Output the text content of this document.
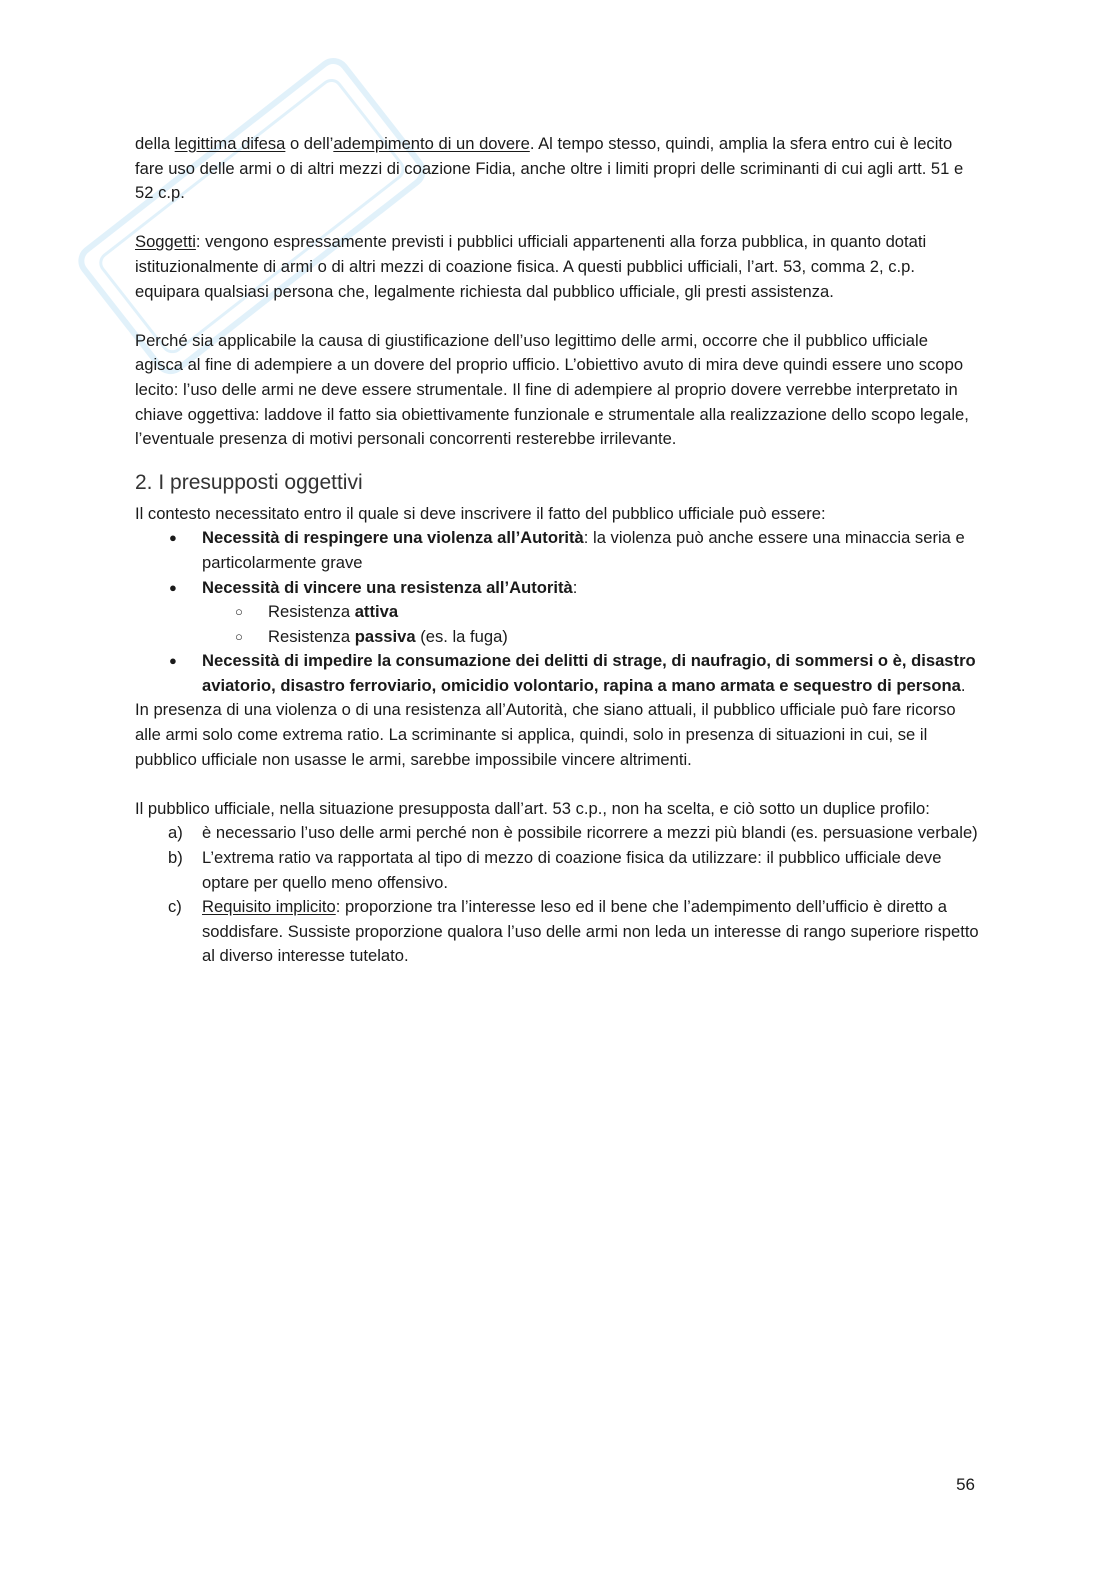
della legittima difesa o dell’adempimento di un dovere. Al tempo stesso, quindi, amplia la sfera entro cui è lecito fare uso delle armi o di altri mezzi di coazione Fidia, anche oltre i limiti propri delle scriminanti di cui agli artt. 51 e 52 c.p.

Soggetti: vengono espressamente previsti i pubblici ufficiali appartenenti alla forza pubblica, in quanto dotati istituzionalmente di armi o di altri mezzi di coazione fisica. A questi pubblici ufficiali, l’art. 53, comma 2, c.p. equipara qualsiasi persona che, legalmente richiesta dal pubblico ufficiale, gli presti assistenza.

Perché sia applicabile la causa di giustificazione dell’uso legittimo delle armi, occorre che il pubblico ufficiale agisca al fine di adempiere a un dovere del proprio ufficio. L’obiettivo avuto di mira deve quindi essere uno scopo lecito: l’uso delle armi ne deve essere strumentale. Il fine di adempiere al proprio dovere verrebbe interpretato in chiave oggettiva: laddove il fatto sia obiettivamente funzionale e strumentale alla realizzazione dello scopo legale, l’eventuale presenza di motivi personali concorrenti resterebbe irrilevante.

2. I presupposti oggettivi

Il contesto necessitato entro il quale si deve inscrivere il fatto del pubblico ufficiale può essere:

● Necessità di respingere una violenza all’Autorità: la violenza può anche essere una minaccia seria e particolarmente grave
● Necessità di vincere una resistenza all’Autorità:
○ Resistenza attiva
○ Resistenza passiva (es. la fuga)
● Necessità di impedire la consumazione dei delitti di strage, di naufragio, di sommersi o è, disastro aviatorio, disastro ferroviario, omicidio volontario, rapina a mano armata e sequestro di persona.

In presenza di una violenza o di una resistenza all’Autorità, che siano attuali, il pubblico ufficiale può fare ricorso alle armi solo come extrema ratio. La scriminante si applica, quindi, solo in presenza di situazioni in cui, se il pubblico ufficiale non usasse le armi, sarebbe impossibile vincere altrimenti.

Il pubblico ufficiale, nella situazione presupposta dall’art. 53 c.p., non ha scelta, e ciò sotto un duplice profilo:

a) è necessario l’uso delle armi perché non è possibile ricorrere a mezzi più blandi (es. persuasione verbale)
b) L’extrema ratio va rapportata al tipo di mezzo di coazione fisica da utilizzare: il pubblico ufficiale deve optare per quello meno offensivo.
c) Requisito implicito: proporzione tra l’interesse leso ed il bene che l’adempimento dell’ufficio è diretto a soddisfare. Sussiste proporzione qualora l’uso delle armi non leda un interesse di rango superiore rispetto al diverso interesse tutelato.
56
